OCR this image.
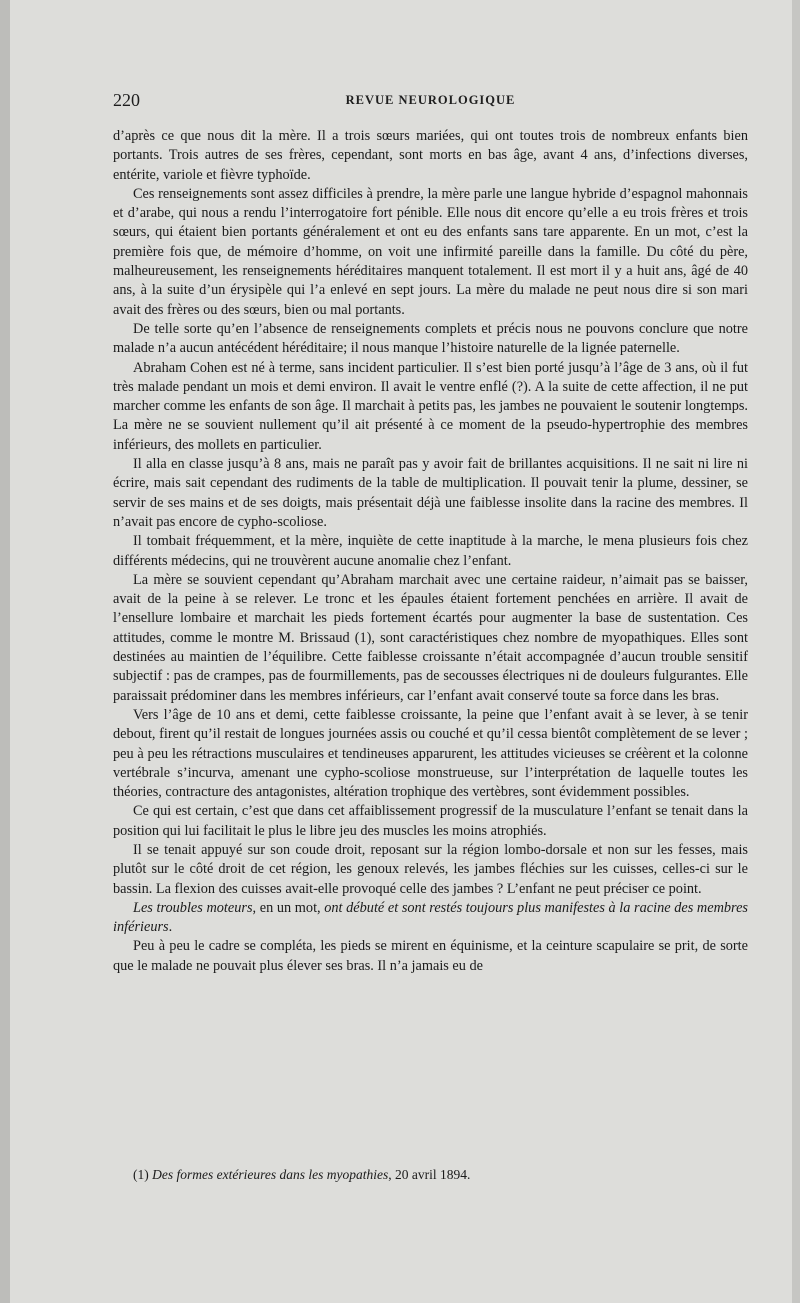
220	REVUE NEUROLOGIQUE

d’après ce que nous dit la mère. Il a trois sœurs mariées, qui ont toutes trois de nombreux enfants bien portants. Trois autres de ses frères, cependant, sont morts en bas âge, avant 4 ans, d’infections diverses, entérite, variole et fièvre typhoïde.

Ces renseignements sont assez difficiles à prendre, la mère parle une langue hybride d’espagnol mahonnais et d’arabe, qui nous a rendu l’interrogatoire fort pénible. Elle nous dit encore qu’elle a eu trois frères et trois sœurs, qui étaient bien portants généralement et ont eu des enfants sans tare apparente. En un mot, c’est la première fois que, de mémoire d’homme, on voit une infirmité pareille dans la famille. Du côté du père, malheureusement, les renseignements héréditaires manquent totalement. Il est mort il y a huit ans, âgé de 40 ans, à la suite d’un érysipèle qui l’a enlevé en sept jours. La mère du malade ne peut nous dire si son mari avait des frères ou des sœurs, bien ou mal portants.

De telle sorte qu’en l’absence de renseignements complets et précis nous ne pouvons conclure que notre malade n’a aucun antécédent héréditaire; il nous manque l’histoire naturelle de la lignée paternelle.

Abraham Cohen est né à terme, sans incident particulier. Il s’est bien porté jusqu’à l’âge de 3 ans, où il fut très malade pendant un mois et demi environ. Il avait le ventre enflé (?). A la suite de cette affection, il ne put marcher comme les enfants de son âge. Il marchait à petits pas, les jambes ne pouvaient le soutenir longtemps. La mère ne se souvient nullement qu’il ait présenté à ce moment de la pseudo-hypertrophie des membres inférieurs, des mollets en particulier.

Il alla en classe jusqu’à 8 ans, mais ne paraît pas y avoir fait de brillantes acquisitions. Il ne sait ni lire ni écrire, mais sait cependant des rudiments de la table de multiplication. Il pouvait tenir la plume, dessiner, se servir de ses mains et de ses doigts, mais présentait déjà une faiblesse insolite dans la racine des membres. Il n’avait pas encore de cypho-scoliose.

Il tombait fréquemment, et la mère, inquiète de cette inaptitude à la marche, le mena plusieurs fois chez différents médecins, qui ne trouvèrent aucune anomalie chez l’enfant.

La mère se souvient cependant qu’Abraham marchait avec une certaine raideur, n’aimait pas se baisser, avait de la peine à se relever. Le tronc et les épaules étaient fortement penchées en arrière. Il avait de l’ensellure lombaire et marchait les pieds fortement écartés pour augmenter la base de sustentation. Ces attitudes, comme le montre M. Brissaud (1), sont caractéristiques chez nombre de myopathiques. Elles sont destinées au maintien de l’équilibre. Cette faiblesse croissante n’était accompagnée d’aucun trouble sensitif subjectif : pas de crampes, pas de fourmillements, pas de secousses électriques ni de douleurs fulgurantes. Elle paraissait prédominer dans les membres inférieurs, car l’enfant avait conservé toute sa force dans les bras.

Vers l’âge de 10 ans et demi, cette faiblesse croissante, la peine que l’enfant avait à se lever, à se tenir debout, firent qu’il restait de longues journées assis ou couché et qu’il cessa bientôt complètement de se lever ; peu à peu les rétractions musculaires et tendineuses apparurent, les attitudes vicieuses se créèrent et la colonne vertébrale s’incurva, amenant une cypho-scoliose monstrueuse, sur l’interprétation de laquelle toutes les théories, contracture des antagonistes, altération trophique des vertèbres, sont évidemment possibles.

Ce qui est certain, c’est que dans cet affaiblissement progressif de la musculature l’enfant se tenait dans la position qui lui facilitait le plus le libre jeu des muscles les moins atrophiés.

Il se tenait appuyé sur son coude droit, reposant sur la région lombo-dorsale et non sur les fesses, mais plutôt sur le côté droit de cet région, les genoux relevés, les jambes fléchies sur les cuisses, celles-ci sur le bassin. La flexion des cuisses avait-elle provoqué celle des jambes ? L’enfant ne peut préciser ce point.

Les troubles moteurs, en un mot, ont débuté et sont restés toujours plus manifestes à la racine des membres inférieurs.

Peu à peu le cadre se compléta, les pieds se mirent en équinisme, et la ceinture scapulaire se prit, de sorte que le malade ne pouvait plus élever ses bras. Il n’a jamais eu de

(1) Des formes extérieures dans les myopathies, 20 avril 1894.
